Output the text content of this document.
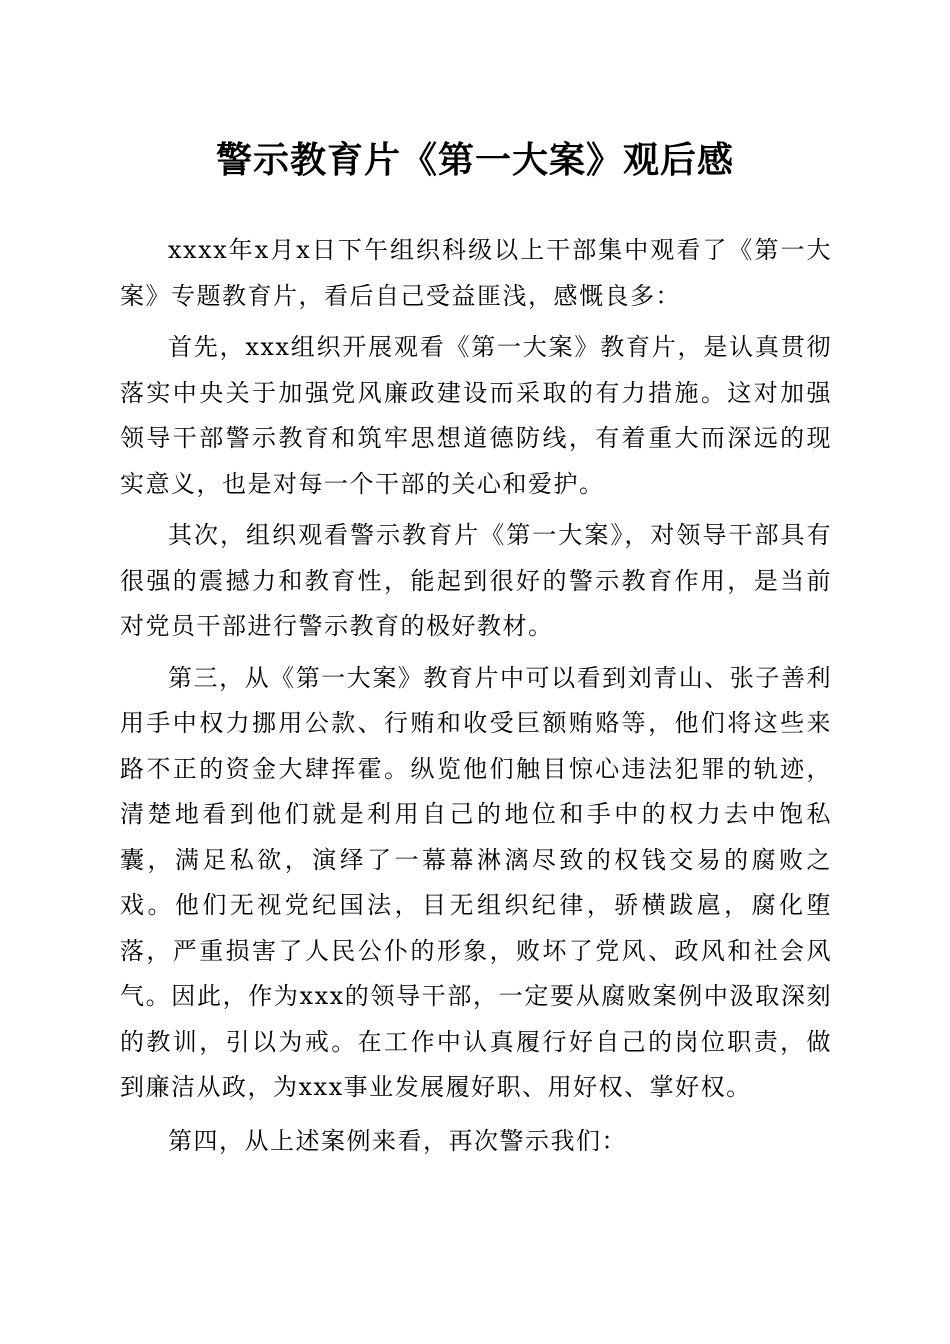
警示教育片《第一大案》观后感

xxxx年x月x日下午组织科级以上干部集中观看了《第一大案》专题教育片，看后自己受益匪浅，感慨良多：

首先，xxx组织开展观看《第一大案》教育片，是认真贯彻落实中央关于加强党风廉政建设而采取的有力措施。这对加强领导干部警示教育和筑牢思想道德防线，有着重大而深远的现实意义，也是对每一个干部的关心和爱护。

其次，组织观看警示教育片《第一大案》，对领导干部具有很强的震撼力和教育性，能起到很好的警示教育作用，是当前对党员干部进行警示教育的极好教材。

第三，从《第一大案》教育片中可以看到刘青山、张子善利用手中权力挪用公款、行贿和收受巨额贿赂等，他们将这些来路不正的资金大肆挥霍。纵览他们触目惊心违法犯罪的轨迹，清楚地看到他们就是利用自己的地位和手中的权力去中饱私囊，满足私欲，演绎了一幕幕淋漓尽致的权钱交易的腐败之戏。他们无视党纪国法，目无组织纪律，骄横跋扈，腐化堕落，严重损害了人民公仆的形象，败坏了党风、政风和社会风气。因此，作为xxx的领导干部，一定要从腐败案例中汲取深刻的教训，引以为戒。在工作中认真履行好自己的岗位职责，做到廉洁从政，为xxx事业发展履好职、用好权、掌好权。

第四，从上述案例来看，再次警示我们：
